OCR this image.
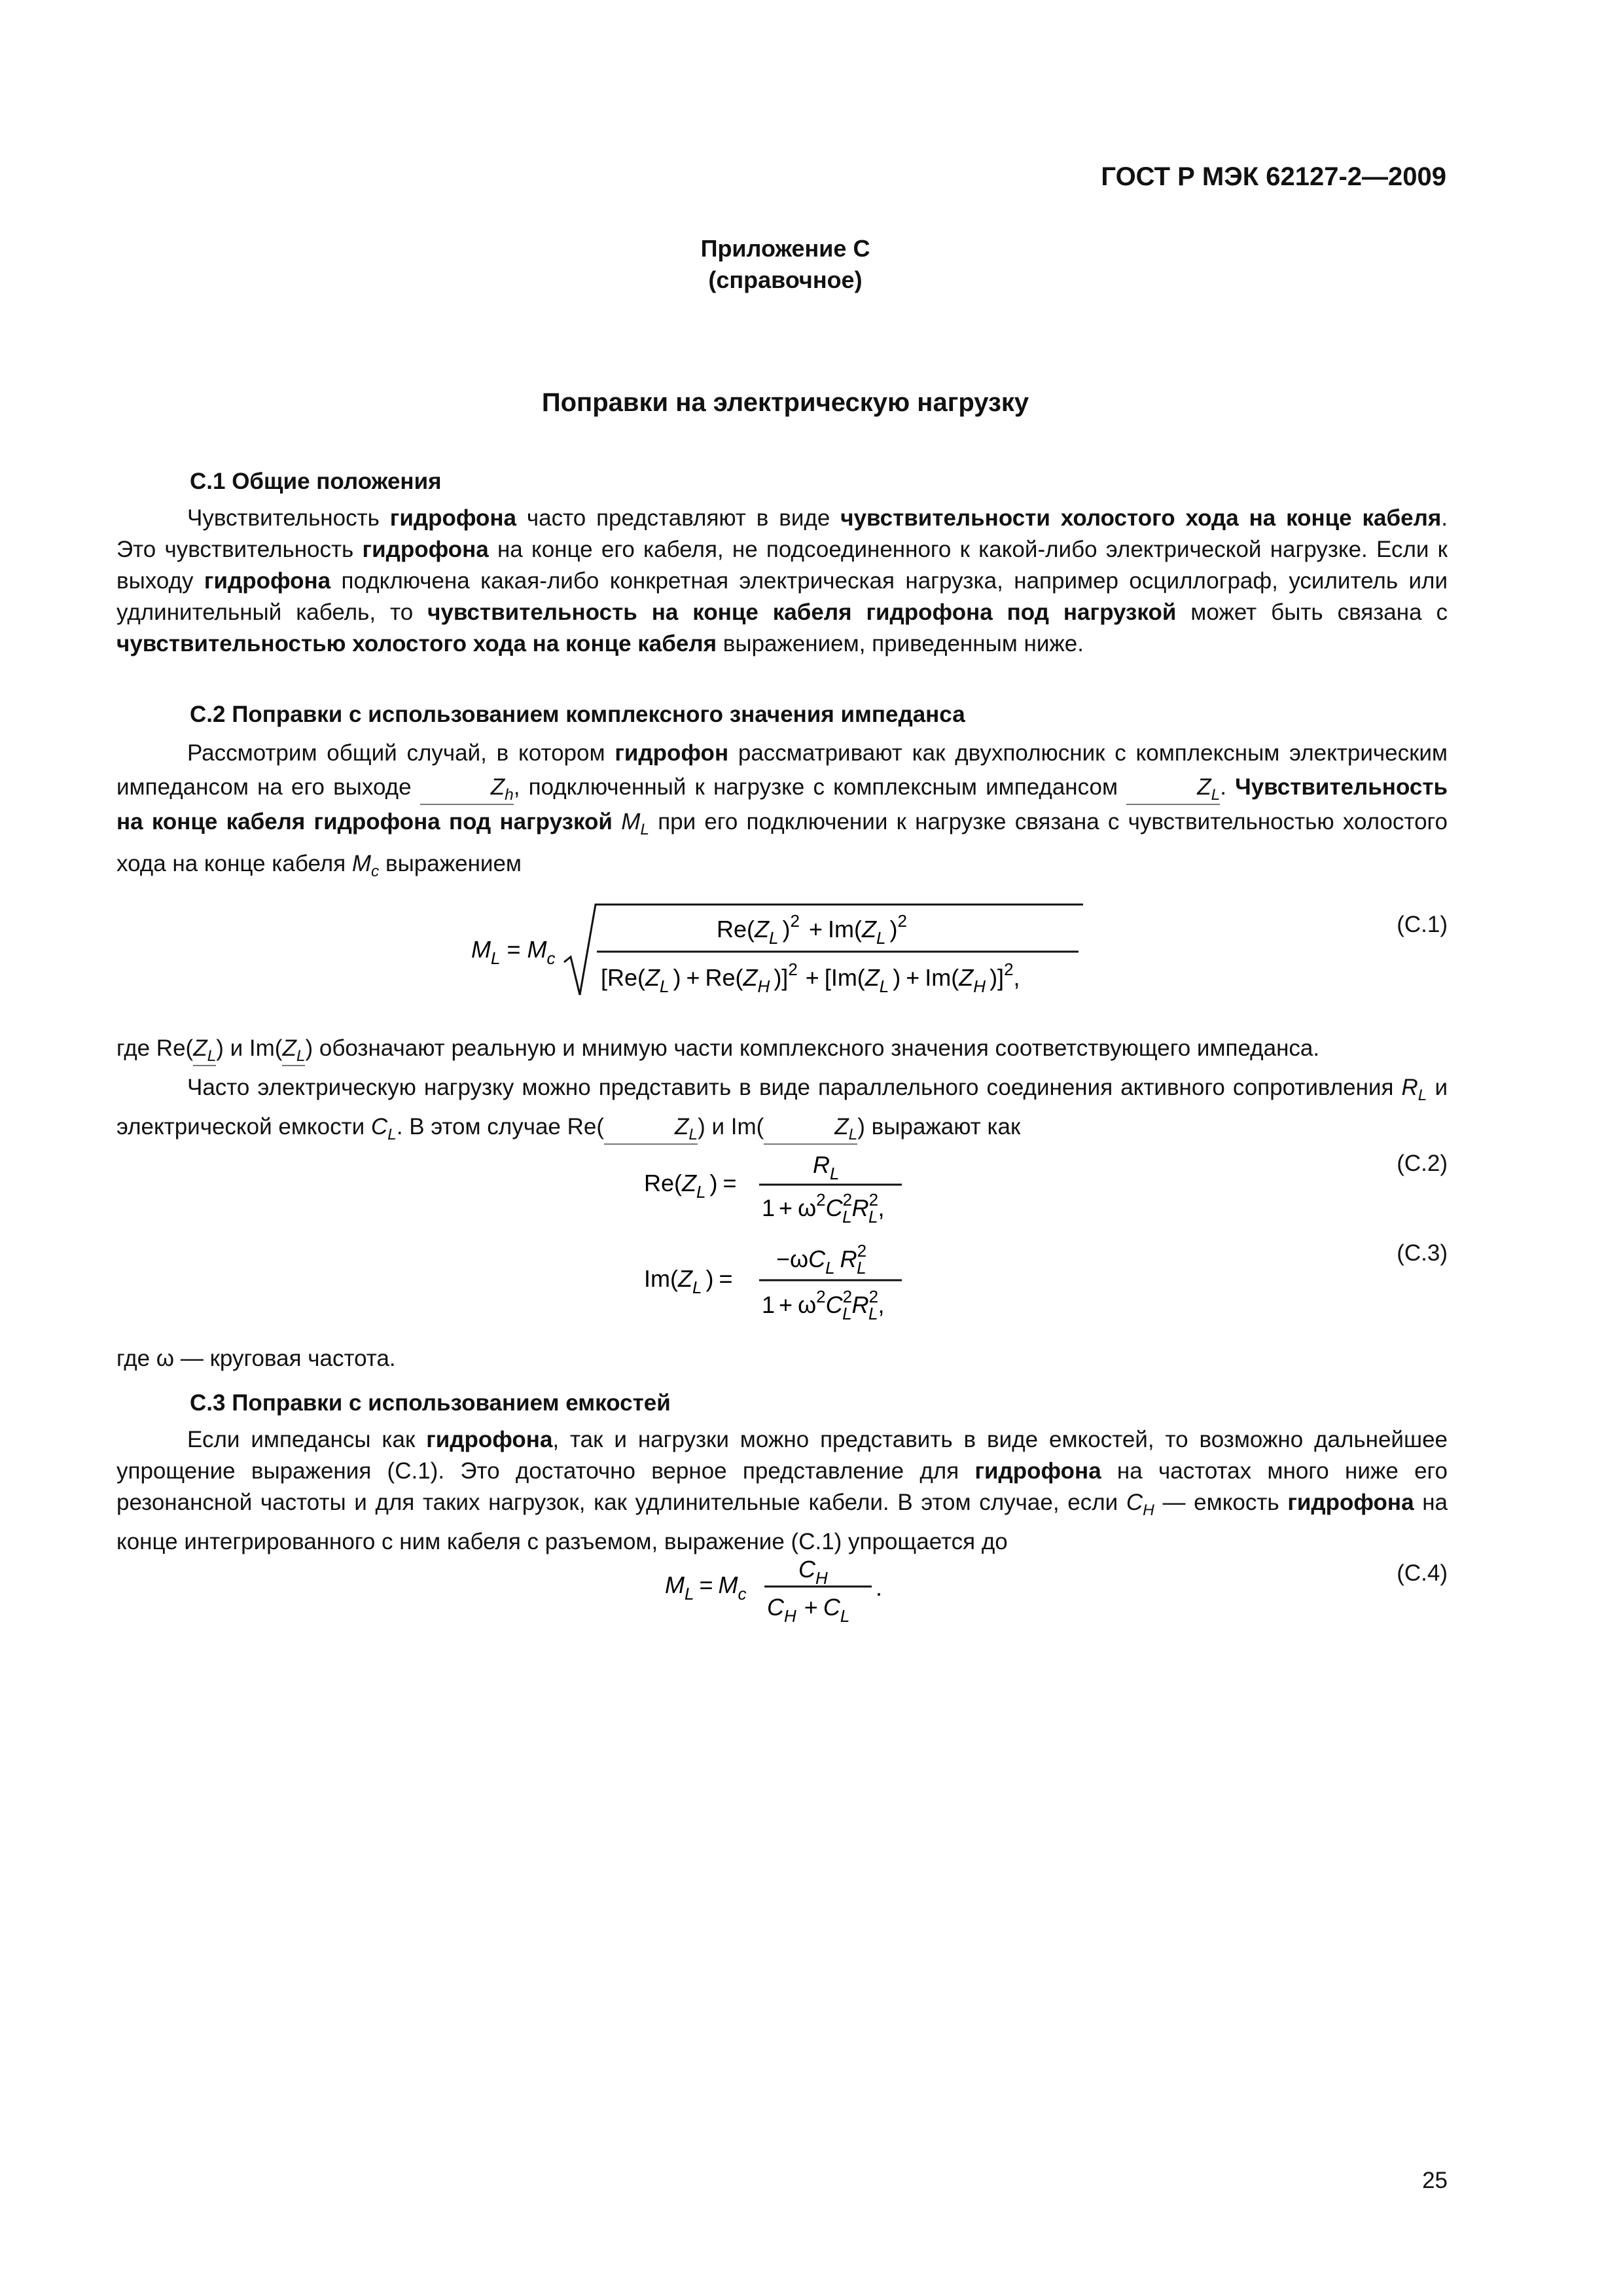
ГОСТ Р МЭК 62127-2—2009
Приложение С
(справочное)
Поправки на электрическую нагрузку
С.1 Общие положения
Чувствительность гидрофона часто представляют в виде чувствительности холостого хода на конце кабеля. Это чувствительность гидрофона на конце его кабеля, не подсоединенного к какой-либо электрической нагрузке. Если к выходу гидрофона подключена какая-либо конкретная электрическая нагрузка, например осциллограф, усилитель или удлинительный кабель, то чувствительность на конце кабеля гидрофона под нагрузкой может быть связана с чувствительностью холостого хода на конце кабеля выражением, приведенным ниже.
С.2 Поправки с использованием комплексного значения импеданса
Рассмотрим общий случай, в котором гидрофон рассматривают как двухполюсник с комплексным электрическим импедансом на его выходе	$Z_h$, подключенный к нагрузке с комплексным импедансом	$Z_L$. Чувствительность на конце кабеля гидрофона под нагрузкой $M_L$ при его подключении к нагрузке связана с чувствительностью холостого хода на конце кабеля $M_c$ выражением
$M_L = M_c$
$Re(Z_L$ )$^2 + Im(Z_L$ )$^2$
[$Re(Z_L$ ) + $Re(Z_H$ )]$^2 + [Im(Z_L$ ) + $Im(Z_H$ )]$^2$,
(С.1)
где $Re(Z_L)$ и $Im(Z_L)$ обозначают реальную и мнимую части комплексного значения соответствующего импеданса.
Часто электрическую нагрузку можно представить в виде параллельного соединения активного сопротивления $R_L$ и электрической емкости $C_L$. В этом случае Re(	$Z_L$) и Im(	$Z_L$) выражают как
$Re(Z_L$ ) =
$R_L$
$1 + \omega^2C^2$ $LR^2$ L,
(С.2)
$Im(Z_L$ ) =
$-\omega C_L$ $R^2$ L
$1 + \omega^2C^2$ $LR^2$ L,
(С.3)
где ω — круговая частота.
С.3 Поправки с использованием емкостей
Если импедансы как гидрофона, так и нагрузки можно представить в виде емкостей, то возможно дальнейшее упрощение выражения (С.1). Это достаточно верное представление для гидрофона на частотах много ниже его резонансной частоты и для таких нагрузок, как удлинительные кабели. В этом случае, если $C_H$ — емкость гидрофона на конце интегрированного с ним кабеля с разъемом, выражение (С.1) упрощается до
$M_L = M_c$
$C_H$
$C_H + C_L$
.
(С.4)
25
